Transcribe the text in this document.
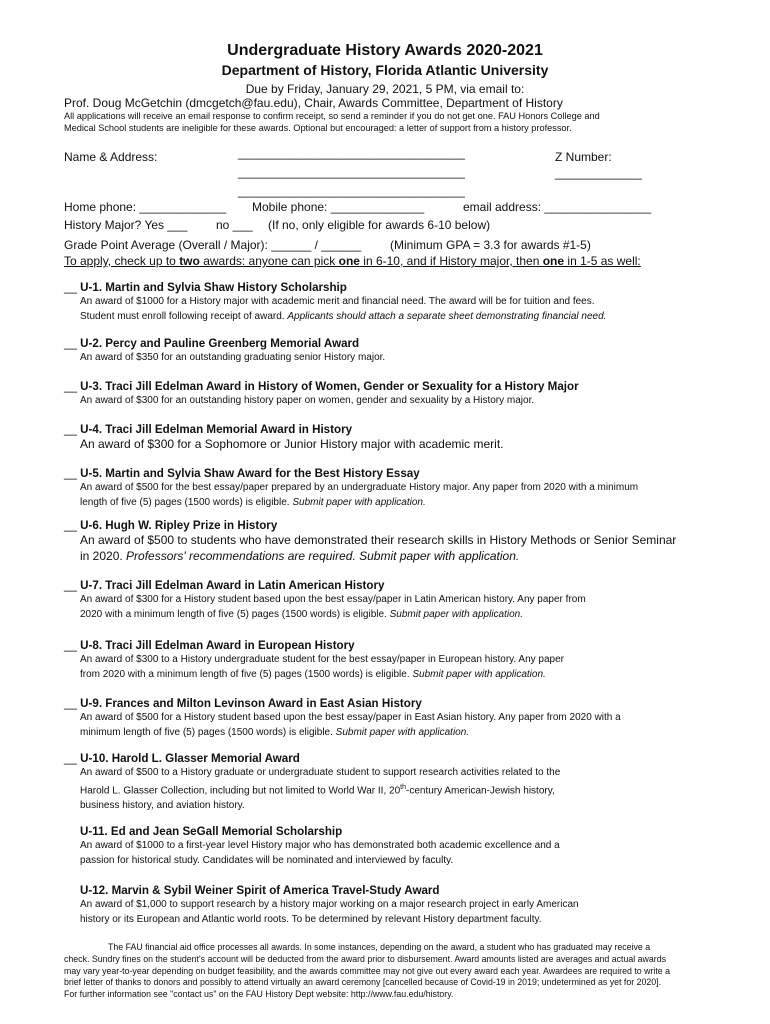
Undergraduate History Awards 2020-2021
Department of History, Florida Atlantic University
Due by Friday, January 29, 2021, 5 PM, via email to:
Prof. Doug McGetchin (dmcgetch@fau.edu), Chair, Awards Committee, Department of History
All applications will receive an email response to confirm receipt, so send a reminder if you do not get one. FAU Honors College and
Medical School students are ineligible for these awards. Optional but encouraged: a letter of support from a history professor.
Name & Address:	__________________________________
__________________________________
__________________________________
Z Number:
_____________
Home phone: _____________ Mobile phone: ______________	email address: ________________
History Major? Yes ___ no ___ (If no, only eligible for awards 6-10 below)
Grade Point Average (Overall / Major): ______ / ______ (Minimum GPA = 3.3 for awards #1-5)
To apply, check up to two awards: anyone can pick one in 6-10, and if History major, then one in 1-5 as well:
__ U-1. Martin and Sylvia Shaw History Scholarship
An award of $1000 for a History major with academic merit and financial need. The award will be for tuition and fees.
Student must enroll following receipt of award. Applicants should attach a separate sheet demonstrating financial need.
__ U-2. Percy and Pauline Greenberg Memorial Award
An award of $350 for an outstanding graduating senior History major.
__ U-3. Traci Jill Edelman Award in History of Women, Gender or Sexuality for a History Major
An award of $300 for an outstanding history paper on women, gender and sexuality by a History major.
__ U-4. Traci Jill Edelman Memorial Award in History
An award of $300 for a Sophomore or Junior History major with academic merit.
__ U-5. Martin and Sylvia Shaw Award for the Best History Essay
An award of $500 for the best essay/paper prepared by an undergraduate History major. Any paper from 2020 with a minimum
length of five (5) pages (1500 words) is eligible. Submit paper with application.
__ U-6. Hugh W. Ripley Prize in History
An award of $500 to students who have demonstrated their research skills in History Methods or Senior Seminar
in 2020. Professors' recommendations are required. Submit paper with application.
__ U-7. Traci Jill Edelman Award in Latin American History
An award of $300 for a History student based upon the best essay/paper in Latin American history. Any paper from
2020 with a minimum length of five (5) pages (1500 words) is eligible. Submit paper with application.
__ U-8. Traci Jill Edelman Award in European History
An award of $300 to a History undergraduate student for the best essay/paper in European history. Any paper
from 2020 with a minimum length of five (5) pages (1500 words) is eligible. Submit paper with application.
__ U-9. Frances and Milton Levinson Award in East Asian History
An award of $500 for a History student based upon the best essay/paper in East Asian history. Any paper from 2020 with a
minimum length of five (5) pages (1500 words) is eligible. Submit paper with application.
__ U-10. Harold L. Glasser Memorial Award
An award of $500 to a History graduate or undergraduate student to support research activities related to the
Harold L. Glasser Collection, including but not limited to World War II, 20th-century American-Jewish history,
business history, and aviation history.
U-11. Ed and Jean SeGall Memorial Scholarship
An award of $1000 to a first-year level History major who has demonstrated both academic excellence and a
passion for historical study. Candidates will be nominated and interviewed by faculty.
U-12. Marvin & Sybil Weiner Spirit of America Travel-Study Award
An award of $1,000 to support research by a history major working on a major research project in early American
history or its European and Atlantic world roots. To be determined by relevant History department faculty.
The FAU financial aid office processes all awards. In some instances, depending on the award, a student who has graduated may receive a check. Sundry fines on the student's account will be deducted from the award prior to disbursement. Award amounts listed are averages and actual awards may vary year-to-year depending on budget feasibility, and the awards committee may not give out every award each year. Awardees are required to write a brief letter of thanks to donors and possibly to attend virtually an award ceremony [cancelled because of Covid-19 in 2019; undetermined as yet for 2020]. For further information see "contact us" on the FAU History Dept website: http://www.fau.edu/history.
